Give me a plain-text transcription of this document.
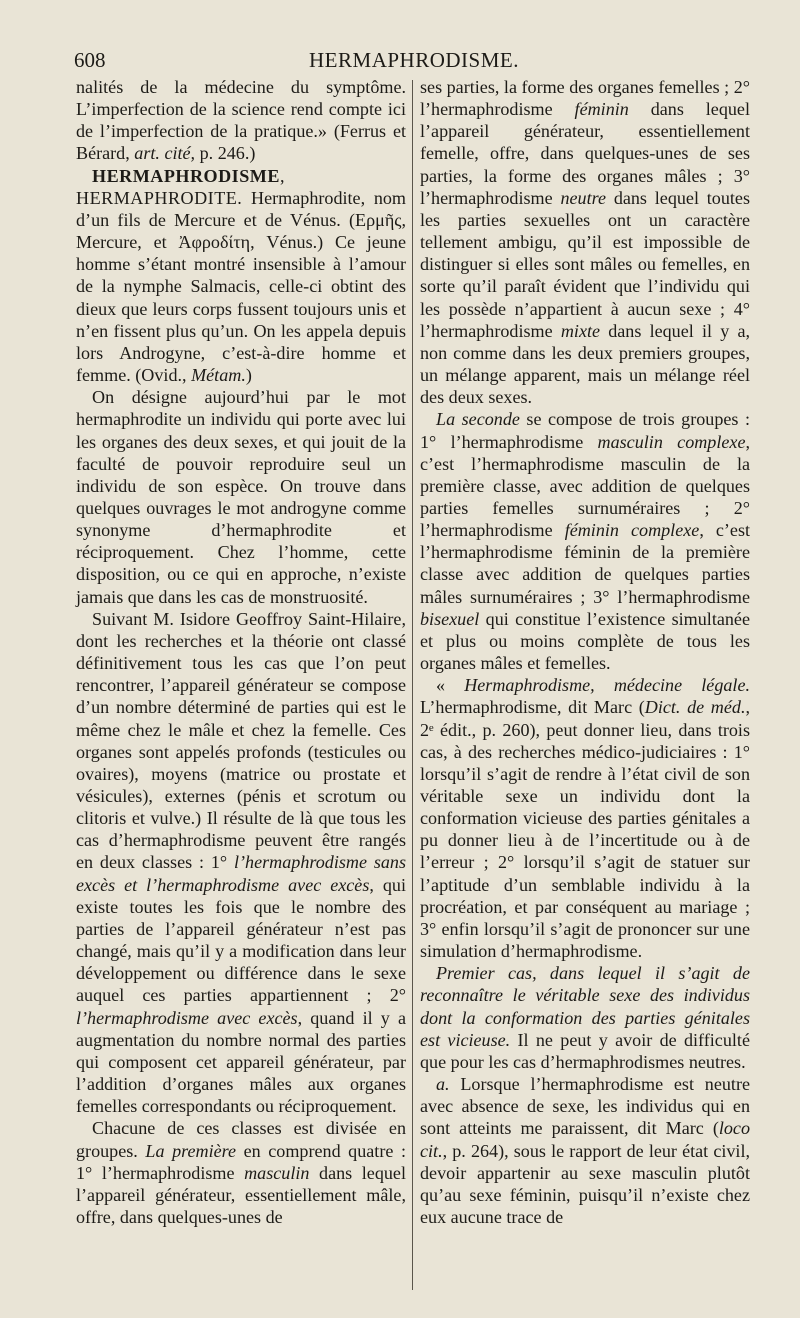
608	HERMAPHRODISME.

nalités de la médecine du symptôme. L’imperfection de la science rend compte ici de l’imperfection de la pratique.» (Ferrus et Bérard, art. cité, p. 246.)

HERMAPHRODISME, HERMAPHRODITE. Hermaphrodite, nom d’un fils de Mercure et de Vénus. (Ερμῆς, Mercure, et Ἀφροδίτη, Vénus.) Ce jeune homme s’étant montré insensible à l’amour de la nymphe Salmacis, celle-ci obtint des dieux que leurs corps fussent toujours unis et n’en fissent plus qu’un. On les appela depuis lors Androgyne, c’est-à-dire homme et femme. (Ovid., Métam.)

On désigne aujourd’hui par le mot hermaphrodite un individu qui porte avec lui les organes des deux sexes, et qui jouit de la faculté de pouvoir reproduire seul un individu de son espèce. On trouve dans quelques ouvrages le mot androgyne comme synonyme d’hermaphrodite et réciproquement. Chez l’homme, cette disposition, ou ce qui en approche, n’existe jamais que dans les cas de monstruosité.

Suivant M. Isidore Geoffroy Saint-Hilaire, dont les recherches et la théorie ont classé définitivement tous les cas que l’on peut rencontrer, l’appareil générateur se compose d’un nombre déterminé de parties qui est le même chez le mâle et chez la femelle. Ces organes sont appelés profonds (testicules ou ovaires), moyens (matrice ou prostate et vésicules), externes (pénis et scrotum ou clitoris et vulve.) Il résulte de là que tous les cas d’hermaphrodisme peuvent être rangés en deux classes : 1° l’hermaphrodisme sans excès et l’hermaphrodisme avec excès, qui existe toutes les fois que le nombre des parties de l’appareil générateur n’est pas changé, mais qu’il y a modification dans leur développement ou différence dans le sexe auquel ces parties appartiennent ; 2° l’hermaphrodisme avec excès, quand il y a augmentation du nombre normal des parties qui composent cet appareil générateur, par l’addition d’organes mâles aux organes femelles correspondants ou réciproquement.

Chacune de ces classes est divisée en groupes. La première en comprend quatre : 1° l’hermaphrodisme masculin dans lequel l’appareil générateur, essentiellement mâle, offre, dans quelques-unes de

ses parties, la forme des organes femelles ; 2° l’hermaphrodisme féminin dans lequel l’appareil générateur, essentiellement femelle, offre, dans quelques-unes de ses parties, la forme des organes mâles ; 3° l’hermaphrodisme neutre dans lequel toutes les parties sexuelles ont un caractère tellement ambigu, qu’il est impossible de distinguer si elles sont mâles ou femelles, en sorte qu’il paraît évident que l’individu qui les possède n’appartient à aucun sexe ; 4° l’hermaphrodisme mixte dans lequel il y a, non comme dans les deux premiers groupes, un mélange apparent, mais un mélange réel des deux sexes.

La seconde se compose de trois groupes : 1° l’hermaphrodisme masculin complexe, c’est l’hermaphrodisme masculin de la première classe, avec addition de quelques parties femelles surnuméraires ; 2° l’hermaphrodisme féminin complexe, c’est l’hermaphrodisme féminin de la première classe avec addition de quelques parties mâles surnuméraires ; 3° l’hermaphrodisme bisexuel qui constitue l’existence simultanée et plus ou moins complète de tous les organes mâles et femelles.

« Hermaphrodisme, médecine légale. L’hermaphrodisme, dit Marc (Dict. de méd., 2ᵉ édit., p. 260), peut donner lieu, dans trois cas, à des recherches médico-judiciaires : 1° lorsqu’il s’agit de rendre à l’état civil de son véritable sexe un individu dont la conformation vicieuse des parties génitales a pu donner lieu à de l’incertitude ou à de l’erreur ; 2° lorsqu’il s’agit de statuer sur l’aptitude d’un semblable individu à la procréation, et par conséquent au mariage ; 3° enfin lorsqu’il s’agit de prononcer sur une simulation d’hermaphrodisme.

Premier cas, dans lequel il s’agit de reconnaître le véritable sexe des individus dont la conformation des parties génitales est vicieuse. Il ne peut y avoir de difficulté que pour les cas d’hermaphrodismes neutres.

a. Lorsque l’hermaphrodisme est neutre avec absence de sexe, les individus qui en sont atteints me paraissent, dit Marc (loco cit., p. 264), sous le rapport de leur état civil, devoir appartenir au sexe masculin plutôt qu’au sexe féminin, puisqu’il n’existe chez eux aucune trace de
